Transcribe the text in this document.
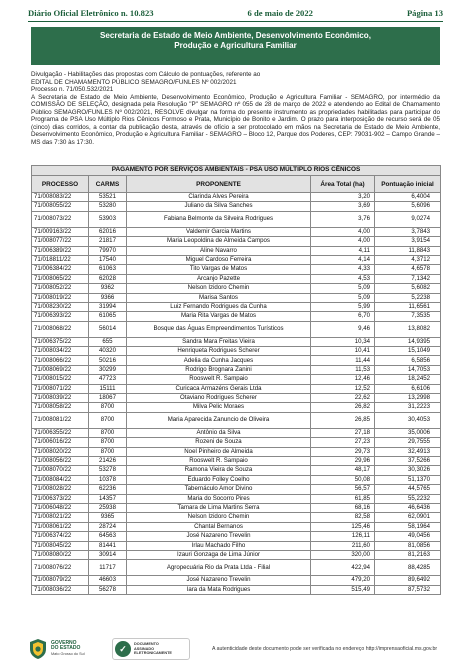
Diário Oficial Eletrônico n. 10.823	6 de maio de 2022	Página 13
Secretaria de Estado de Meio Ambiente, Desenvolvimento Econômico,
Produção e Agricultura Familiar
Divulgação - Habilitações das propostas com Cálculo de pontuações, referente ao
EDITAL DE CHAMAMENTO PÚBLICO SEMAGRO/FUNLES Nº 002/2021
Processo n. 71/050.532/2021
A Secretaria de Estado de Meio Ambiente, Desenvolvimento Econômico, Produção e Agricultura Familiar - SEMAGRO, por intermédio da COMISSÃO DE SELEÇÃO, designada pela Resolução "P" SEMAGRO nº 055 de 28 de março de 2022 e atendendo ao Edital de Chamamento Público SEMAGRO/FUNLES Nº 002/2021, RESOLVE divulgar na forma do presente instrumento as propriedades habilitadas para participar do Programa de PSA Uso Múltiplo Rios Cênicos Formoso e Prata, Município de Bonito e Jardim. O prazo para interposição de recurso será de 05 (cinco) dias corridos, a contar da publicação desta, através de ofício a ser protocolado em mãos na Secretaria de Estado de Meio Ambiente, Desenvolvimento Econômico, Produção e Agricultura Familiar - SEMAGRO – Bloco 12, Parque dos Poderes, CEP: 79031-902 – Campo Grande – MS das 7:30 às 17:30.
PAGAMENTO POR SERVIÇOS AMBIENTAIS - PSA USO MÚLTIPLO RIOS CÊNICOS				
PROCESSO	CARMS	PROPONENTE	Área Total (ha)	Pontuação inicial
71/008083/22	53521	Clarinda Alves Pereira	3,20	6,4004
71/008055/22	53280	Juliano da Silva Sanches	3,69	5,6096
71/008073/22	53903	Fabiana Belmonte da Silveira Rodrigues	3,76	9,0274
71/009163/22	62016	Valdemir Garcia Martins	4,00	3,7843
71/008077/22	21817	Maria Leopoldina de Almeida Campos	4,00	3,9154
71/006389/22	79970	Aline Navarro	4,11	11,8843
71/018811/22	17540	Miguel Cardoso Ferreira	4,14	4,3712
71/006384/22	61063	Tito Vargas de Matos	4,33	4,6578
71/008065/22	62028	Arcanjo Pazette	4,53	7,1342
71/008052/22	9362	Nelson Izidoro Chemin	5,09	5,6082
71/008019/22	9366	Marisa Santos	5,09	5,2238
71/008230/22	31994	Luiz Fernando Rodrigues da Cunha	5,99	11,6561
71/006393/22	61065	Maria Rita Vargas de Matos	6,70	7,3535
71/008068/22	56014	Bosque das Águas Empreendimentos Turísticos	9,46	13,8082
71/006375/22	655	Sandra Mara Freitas Vieira	10,34	14,9395
71/008034/22	40320	Henriqueta Rodrigues Scherer	10,41	15,1049
71/008066/22	50216	Adelia da Cunha Jacques	11,44	6,5856
71/008069/22	30299	Rodrigo Brognara Zanini	11,53	14,7053
71/008015/22	47723	Rooswelt R. Sampaio	12,46	18,2452
71/008071/22	15111	Curicaca Armazéns Gerais Ltda	12,52	6,6106
71/008039/22	18067	Otaviano Rodrigues Scherer	22,62	13,2998
71/008058/22	8700	Milva Pelic Moraes	26,82	31,2223
71/008081/22	8700	Maria Aparecida Zanuncio de Oliveira	26,85	30,4053
71/006355/22	8700	Antônio da Silva	27,18	35,0006
71/006016/22	8700	Rozeni de Souza	27,23	29,7555
71/008020/22	8700	Noel Pinheiro de Almeida	29,73	32,4913
71/008056/22	21426	Rooswelt R. Sampaio	29,96	37,5266
71/008070/22	53278	Ramona Vieira de Souza	48,17	30,3026
71/008084/22	10378	Eduardo Folley Coelho	50,08	51,1370
71/008028/22	62236	Tabernáculo Amor Divino	56,57	44,5765
71/006373/22	14357	Maria do Socorro Pires	61,85	55,2232
71/006048/22	25938	Tamara de Lima Martins Serra	68,16	46,6436
71/008021/22	9365	Nelson Izidoro Chemin	82,58	62,0901
71/008061/22	28724	Chantal Bernanos	125,46	58,1964
71/006374/22	64563	José Nazareno Trevelin	126,11	49,0456
71/008045/22	81441	Irlau Machado Filho	211,60	81,0856
71/008080/22	30914	Izauri Gonzaga de Lima Júnior	320,00	81,2163
71/008076/22	11717	Agropecuária Rio da Prata Ltda - Filial	422,94	88,4285
71/008079/22	46603	José Nazareno Trevelin	479,20	89,6492
71/008036/22	56278	Iara da Mata Rodrigues	515,49	87,5732
GOVERNO
DO ESTADO
Mato Grosso do Sul	✓	DOCUMENTO
ASSINADO
ELETRONICAMENTE
A autenticidade deste documento pode ser verificada no endereço http://imprensaoficial.ms.gov.br
